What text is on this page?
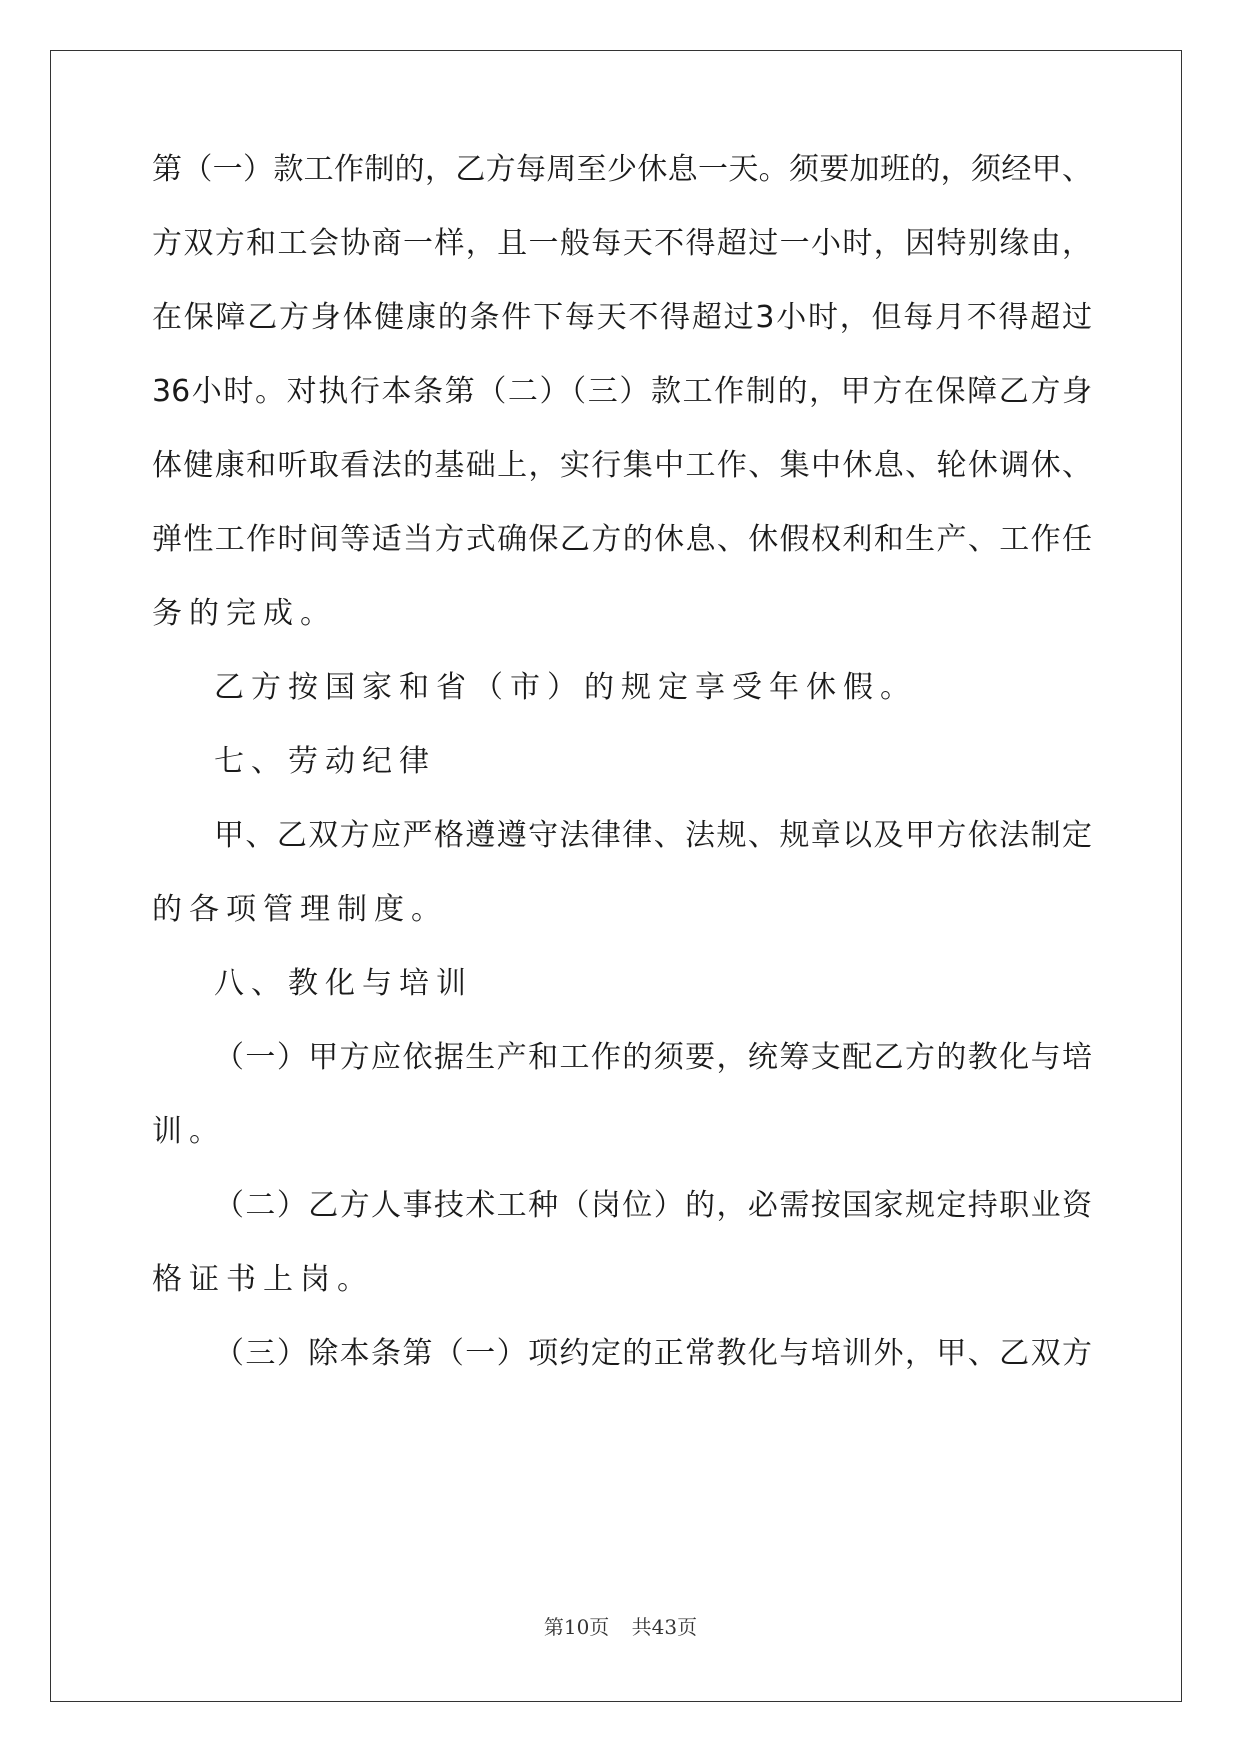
第（一）款工作制的，乙方每周至少休息一天。须要加班的，须经甲、
方双方和工会协商一样，且一般每天不得超过一小时，因特别缘由，
在保障乙方身体健康的条件下每天不得超过3小时，但每月不得超过
36小时。对执行本条第（二）（三）款工作制的，甲方在保障乙方身
体健康和听取看法的基础上，实行集中工作、集中休息、轮休调休、
弹性工作时间等适当方式确保乙方的休息、休假权利和生产、工作任
务的完成。
乙方按国家和省（市）的规定享受年休假。
七、劳动纪律
甲、乙双方应严格遵遵守法律律、法规、规章以及甲方依法制定
的各项管理制度。
八、教化与培训
（一）甲方应依据生产和工作的须要，统筹支配乙方的教化与培
训。
（二）乙方人事技术工种（岗位）的，必需按国家规定持职业资
格证书上岗。
（三）除本条第（一）项约定的正常教化与培训外，甲、乙双方
第10页 共43页
